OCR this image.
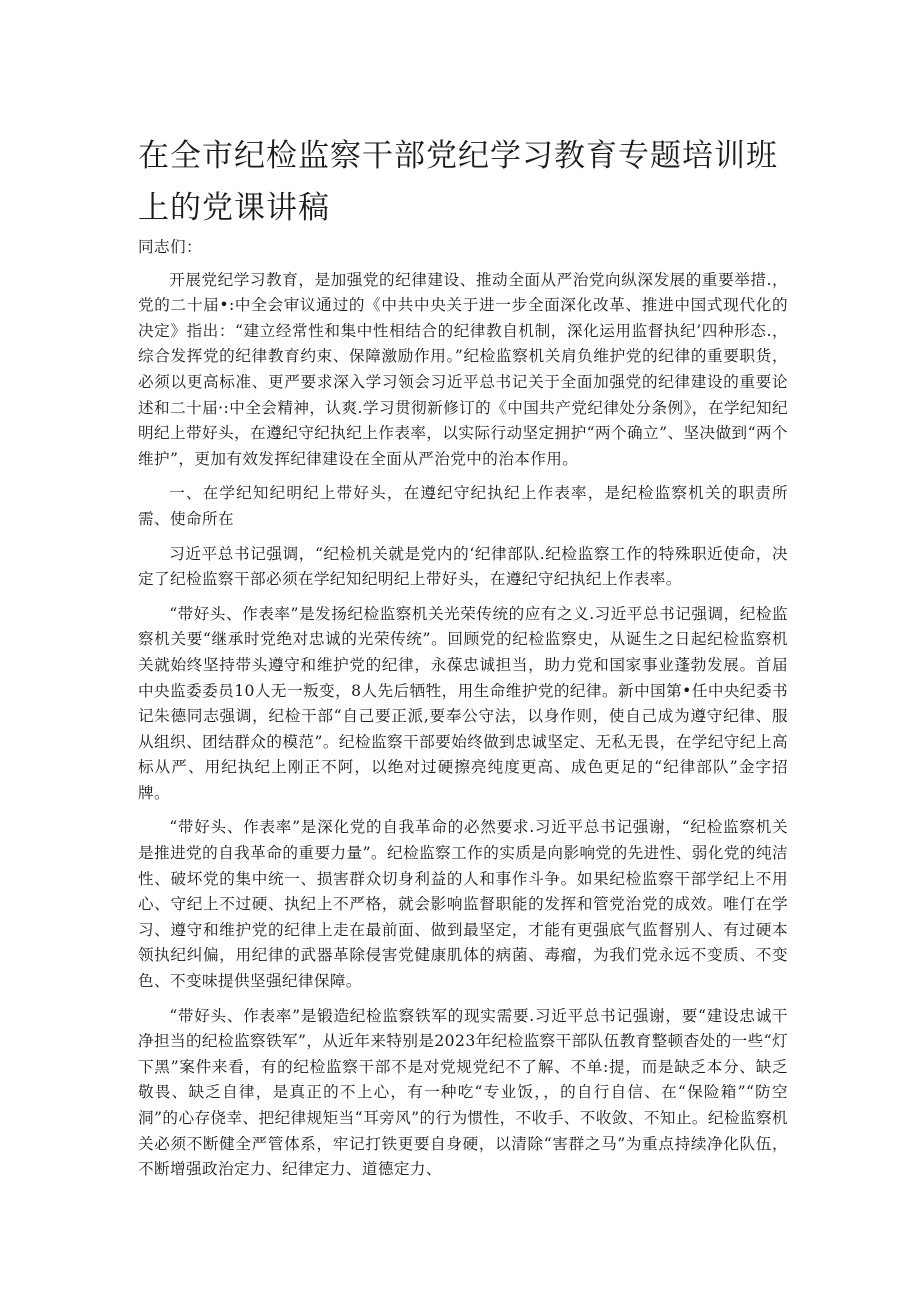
在全市纪检监察干部党纪学习教育专题培训班上的党课讲稿

同志们：

开展党纪学习教育，是加强党的纪律建设、推动全面从严治党向纵深发展的重要举措.，党的二十届•:中全会审议通过的《中共中央关于进一步全面深化改革、推进中国式现代化的决定》指出：“建立经常性和集中性相结合的纪律教自机制，深化运用监督执纪’四种形态.，综合发挥党的纪律教育约束、保障激励作用。”纪检监察机关肩负维护党的纪律的重要职货，必须以更高标准、更严要求深入学习领会习近平总书记关于全面加强党的纪律建设的重要论述和二十届·:中全会精神，认爽.学习贯彻新修订的《中国共产党纪律处分条例》，在学纪知纪明纪上带好头，在遵纪守纪执纪上作表率，以实际行动坚定拥护“两个确立”、坚决做到“两个维护”，更加有效发挥纪律建设在全面从严治党中的治本作用。

一、在学纪知纪明纪上带好头，在遵纪守纪执纪上作表率，是纪检监察机关的职责所需、使命所在

习近平总书记强调，“纪检机关就是党内的‘纪律部队.纪检监察工作的特殊职近使命，决定了纪检监察干部必须在学纪知纪明纪上带好头，在遵纪守纪执纪上作表率。

“带好头、作表率”是发扬纪检监察机关光荣传统的应有之义.习近平总书记强调，纪检监察机关要“继承时党绝对忠诚的光荣传统”。回顾党的纪检监察史，从诞生之日起纪检监察机关就始终坚持带头遵守和维护党的纪律，永葆忠诚担当，助力党和国家事业蓬勃发展。首届中央监委委员10人无一叛变，8人先后牺牲，用生命维护党的纪律。新中国第•任中央纪委书记朱德同志强调，纪检干部“自己要正派,要奉公守法，以身作则，使自己成为遵守纪律、服从组织、团结群众的模范”。纪检监察干部要始终做到忠诚坚定、无私无畏，在学纪守纪上高标从严、用纪执纪上刚正不阿，以绝对过硬擦亮纯度更高、成色更足的“纪律部队”金字招牌。

“带好头、作表率”是深化党的自我革命的必然要求.习近平总书记强谢，“纪检监察机关是推进党的自我革命的重要力量”。纪检监察工作的实质是向影响党的先进性、弱化党的纯洁性、破坏党的集中统一、损害群众切身利益的人和事作斗争。如果纪检监察干部学纪上不用心、守纪上不过硬、执纪上不严格，就会影响监督职能的发挥和管党治党的成效。唯仃在学习、遵守和维护党的纪律上走在最前面、做到最坚定，才能有更强底气监督别人、有过硬本领执纪纠偏，用纪律的武器革除侵害党健康肌体的病菌、毒瘤，为我们党永远不变质、不变色、不变味提供坚强纪律保障。

“带好头、作表率”是锻造纪检监察铁军的现实需要.习近平总书记强谢，要“建设忠诚干净担当的纪检监察铁军”，从近年来特别是2023年纪检监察干部队伍教育整顿杳处的一些“灯下黑”案件来看，有的纪检监察干部不是对党规党纪不了解、不单:提，而是缺乏本分、缺乏敬畏、缺乏自律，是真正的不上心，有一种吃“专业饭，，的自行自信、在“保险箱”“防空洞”的心存侥幸、把纪律规矩当“耳旁风”的行为惯性，不收手、不收敛、不知止。纪检监察机关必须不断健全严管体系，牢记打铁更要自身硬，以清除“害群之马”为重点持续净化队伍，不断增强政治定力、纪律定力、道德定力、
